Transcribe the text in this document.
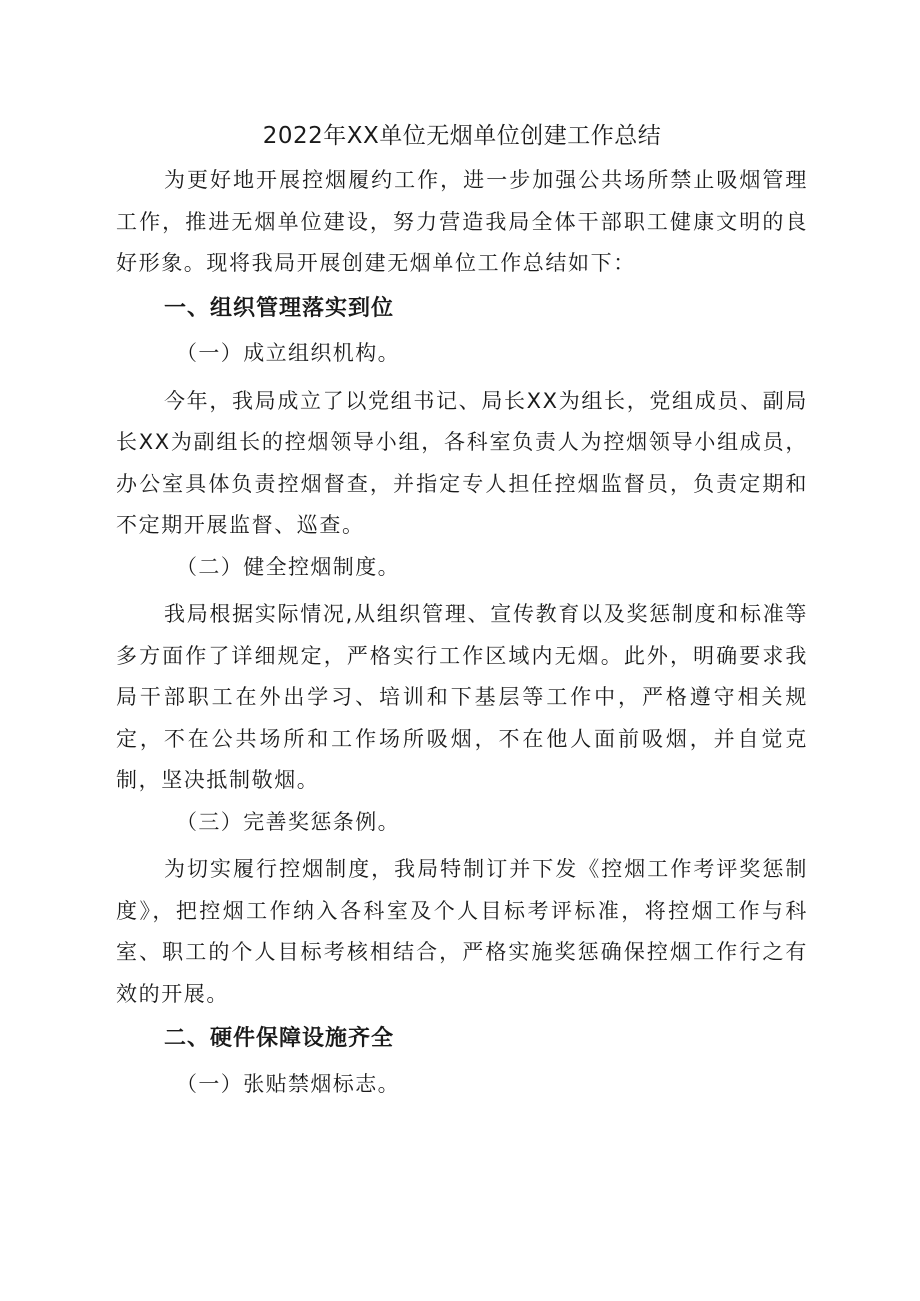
2022年XX单位无烟单位创建工作总结

为更好地开展控烟履约工作，进一步加强公共场所禁止吸烟管理工作，推进无烟单位建设，努力营造我局全体干部职工健康文明的良好形象。现将我局开展创建无烟单位工作总结如下：

一、组织管理落实到位

（一）成立组织机构。

今年，我局成立了以党组书记、局长XX为组长，党组成员、副局长XX为副组长的控烟领导小组，各科室负责人为控烟领导小组成员，办公室具体负责控烟督查，并指定专人担任控烟监督员，负责定期和不定期开展监督、巡查。

（二）健全控烟制度。

我局根据实际情况,从组织管理、宣传教育以及奖惩制度和标准等多方面作了详细规定，严格实行工作区域内无烟。此外，明确要求我局干部职工在外出学习、培训和下基层等工作中，严格遵守相关规定，不在公共场所和工作场所吸烟，不在他人面前吸烟，并自觉克制，坚决抵制敬烟。

（三）完善奖惩条例。

为切实履行控烟制度，我局特制订并下发《控烟工作考评奖惩制度》，把控烟工作纳入各科室及个人目标考评标准，将控烟工作与科室、职工的个人目标考核相结合，严格实施奖惩确保控烟工作行之有效的开展。

二、硬件保障设施齐全

（一）张贴禁烟标志。
